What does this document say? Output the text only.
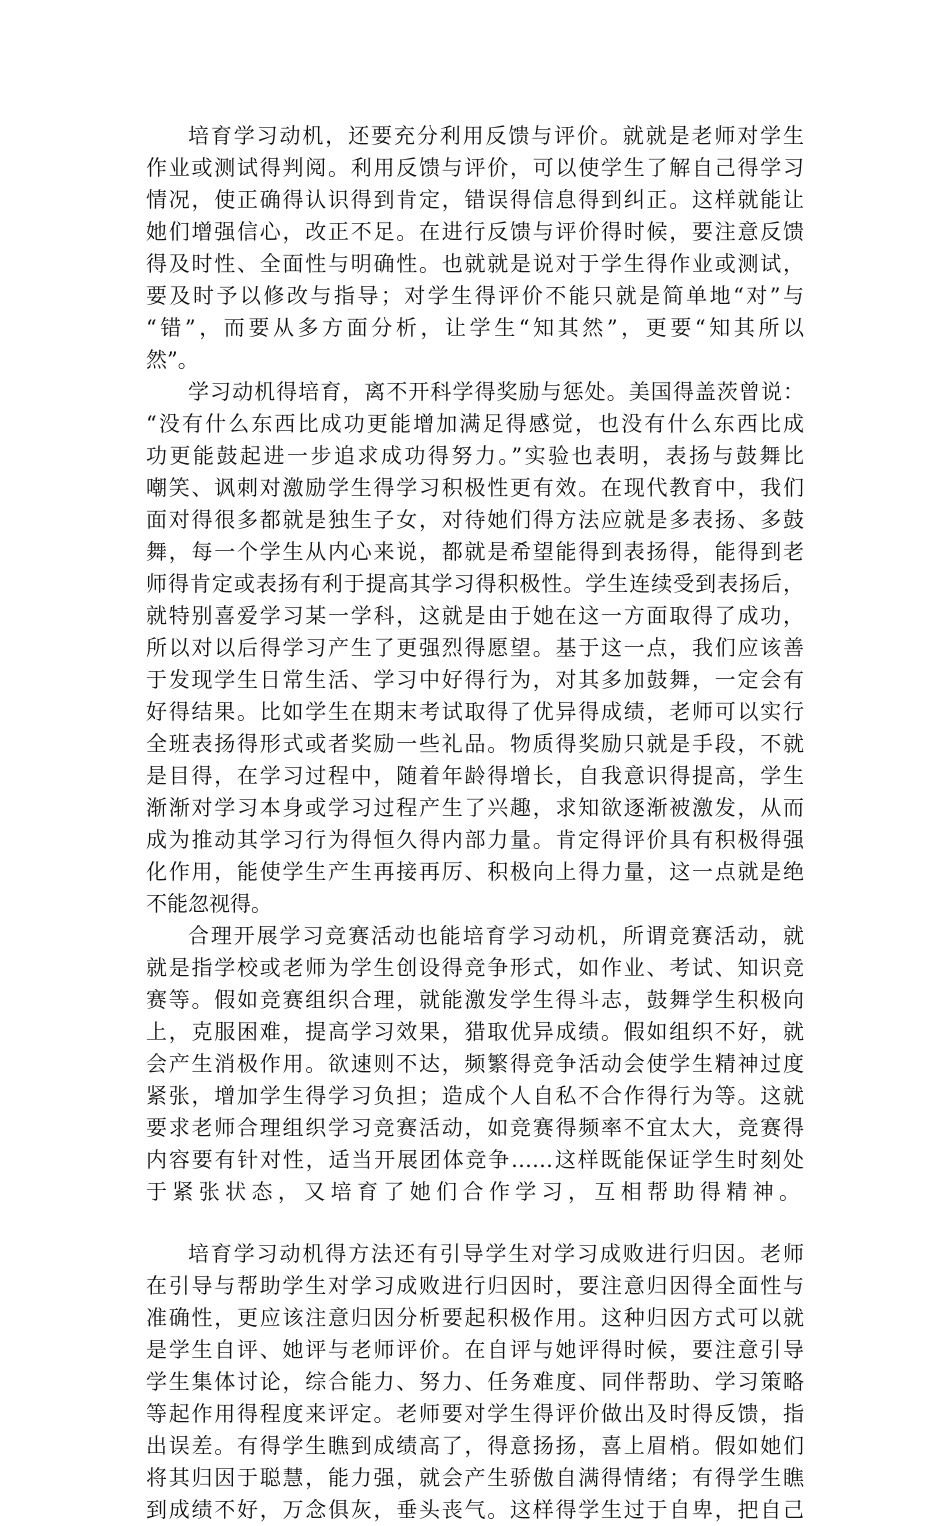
培育学习动机，还要充分利用反馈与评价。就就是老师对学生
作业或测试得判阅。利用反馈与评价，可以使学生了解自己得学习
情况，使正确得认识得到肯定，错误得信息得到纠正。这样就能让
她们增强信心，改正不足。在进行反馈与评价得时候，要注意反馈
得及时性、全面性与明确性。也就就是说对于学生得作业或测试，
要及时予以修改与指导；对学生得评价不能只就是简单地“对”与
“错”，而要从多方面分析，让学生“知其然”，更要“知其所以
然”。
学习动机得培育，离不开科学得奖励与惩处。美国得盖茨曾说：
“没有什么东西比成功更能增加满足得感觉，也没有什么东西比成
功更能鼓起进一步追求成功得努力。”实验也表明，表扬与鼓舞比
嘲笑、讽刺对激励学生得学习积极性更有效。在现代教育中，我们
面对得很多都就是独生子女，对待她们得方法应就是多表扬、多鼓
舞，每一个学生从内心来说，都就是希望能得到表扬得，能得到老
师得肯定或表扬有利于提高其学习得积极性。学生连续受到表扬后，
就特别喜爱学习某一学科，这就是由于她在这一方面取得了成功，
所以对以后得学习产生了更强烈得愿望。基于这一点，我们应该善
于发现学生日常生活、学习中好得行为，对其多加鼓舞，一定会有
好得结果。比如学生在期末考试取得了优异得成绩，老师可以实行
全班表扬得形式或者奖励一些礼品。物质得奖励只就是手段，不就
是目得，在学习过程中，随着年龄得增长，自我意识得提高，学生
渐渐对学习本身或学习过程产生了兴趣，求知欲逐渐被激发，从而
成为推动其学习行为得恒久得内部力量。肯定得评价具有积极得强
化作用，能使学生产生再接再厉、积极向上得力量，这一点就是绝
不能忽视得。
合理开展学习竞赛活动也能培育学习动机，所谓竞赛活动，就
就是指学校或老师为学生创设得竞争形式，如作业、考试、知识竞
赛等。假如竞赛组织合理，就能激发学生得斗志，鼓舞学生积极向
上，克服困难，提高学习效果，猎取优异成绩。假如组织不好，就
会产生消极作用。欲速则不达，频繁得竞争活动会使学生精神过度
紧张，增加学生得学习负担；造成个人自私不合作得行为等。这就
要求老师合理组织学习竞赛活动，如竞赛得频率不宜太大，竞赛得
内容要有针对性，适当开展团体竞争……这样既能保证学生时刻处
于紧张状态，又培育了她们合作学习，互相帮助得精神。
培育学习动机得方法还有引导学生对学习成败进行归因。老师
在引导与帮助学生对学习成败进行归因时，要注意归因得全面性与
准确性，更应该注意归因分析要起积极作用。这种归因方式可以就
是学生自评、她评与老师评价。在自评与她评得时候，要注意引导
学生集体讨论，综合能力、努力、任务难度、同伴帮助、学习策略
等起作用得程度来评定。老师要对学生得评价做出及时得反馈，指
出误差。有得学生瞧到成绩高了，得意扬扬，喜上眉梢。假如她们
将其归因于聪慧，能力强，就会产生骄傲自满得情绪；有得学生瞧
到成绩不好，万念俱灰，垂头丧气。这样得学生过于自卑，把自己
